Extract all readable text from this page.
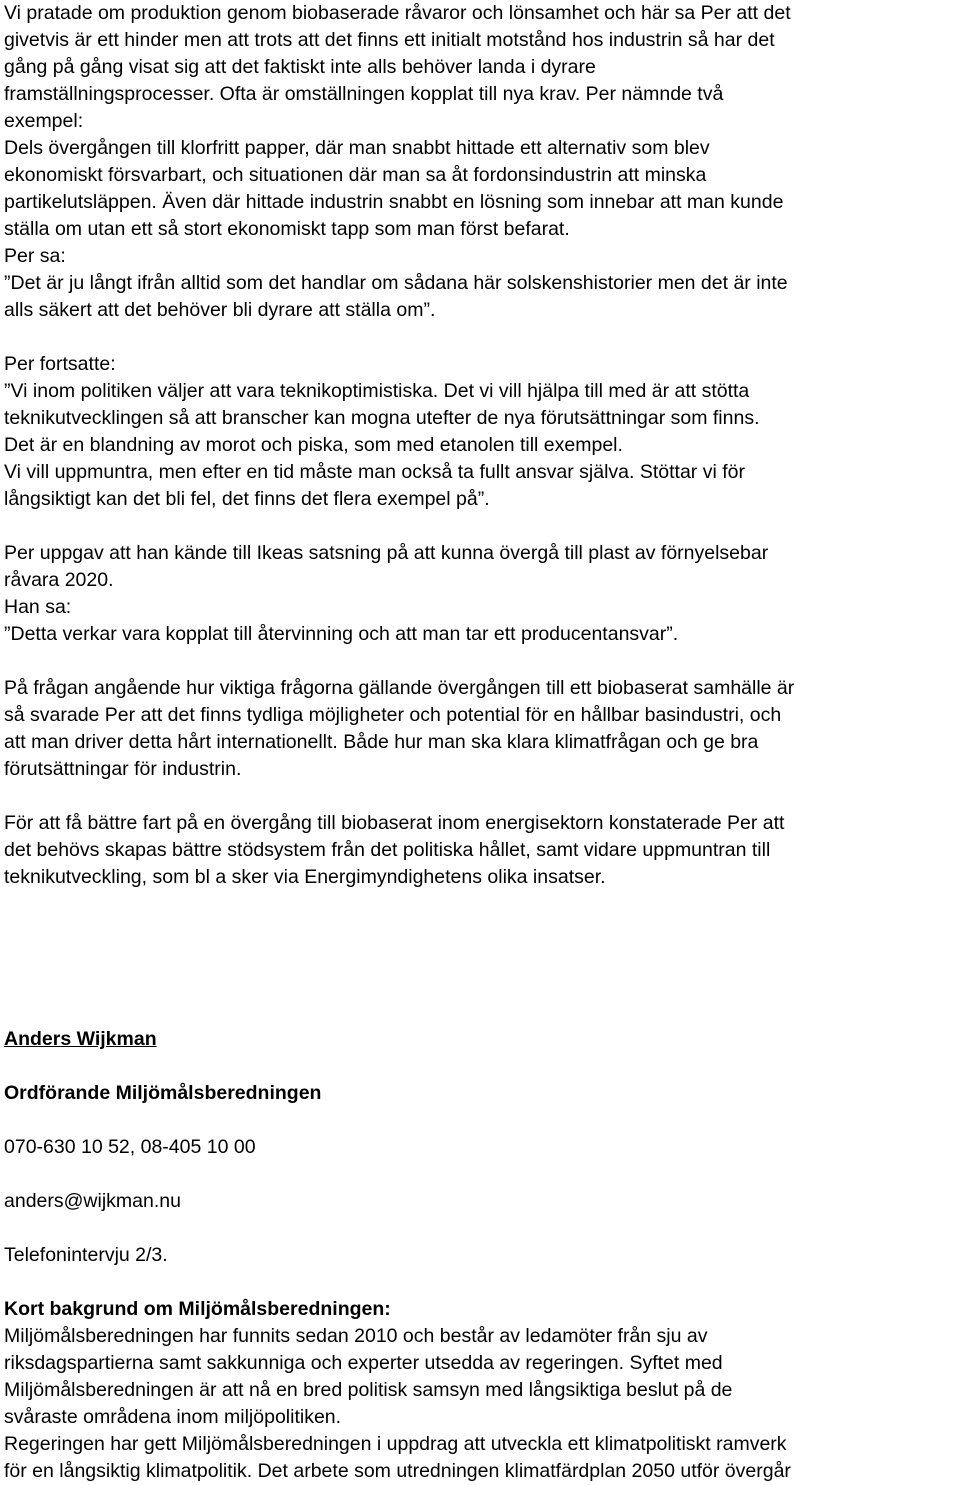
Vi pratade om produktion genom biobaserade råvaror och lönsamhet och här sa Per att det
givetvis är ett hinder men att trots att det finns ett initialt motstånd hos industrin så har det
gång på gång visat sig att det faktiskt inte alls behöver landa i dyrare
framställningsprocesser. Ofta är omställningen kopplat till nya krav. Per nämnde två
exempel:
Dels övergången till klorfritt papper, där man snabbt hittade ett alternativ som blev
ekonomiskt försvarbart, och situationen där man sa åt fordonsindustrin att minska
partikelutsläppen. Även där hittade industrin snabbt en lösning som innebar att man kunde
ställa om utan ett så stort ekonomiskt tapp som man först befarat.
Per sa:
”Det är ju långt ifrån alltid som det handlar om sådana här solskenshistorier men det är inte
alls säkert att det behöver bli dyrare att ställa om”.
Per fortsatte:
”Vi inom politiken väljer att vara teknikoptimistiska. Det vi vill hjälpa till med är att stötta
teknikutvecklingen så att branscher kan mogna utefter de nya förutsättningar som finns.
Det är en blandning av morot och piska, som med etanolen till exempel.
Vi vill uppmuntra, men efter en tid måste man också ta fullt ansvar själva. Stöttar vi för
långsiktigt kan det bli fel, det finns det flera exempel på”.
Per uppgav att han kände till Ikeas satsning på att kunna övergå till plast av förnyelsebar
råvara 2020.
Han sa:
”Detta verkar vara kopplat till återvinning och att man tar ett producentansvar”.
På frågan angående hur viktiga frågorna gällande övergången till ett biobaserat samhälle är
så svarade Per att det finns tydliga möjligheter och potential för en hållbar basindustri, och
att man driver detta hårt internationellt. Både hur man ska klara klimatfrågan och ge bra
förutsättningar för industrin.
För att få bättre fart på en övergång till biobaserat inom energisektorn konstaterade Per att
det behövs skapas bättre stödsystem från det politiska hållet, samt vidare uppmuntran till
teknikutveckling, som bl a sker via Energimyndighetens olika insatser.
Anders Wijkman
Ordförande Miljömålsberedningen
070-630 10 52, 08-405 10 00
anders@wijkman.nu
Telefonintervju 2/3.
Kort bakgrund om Miljömålsberedningen:
Miljömålsberedningen har funnits sedan 2010 och består av ledamöter från sju av
riksdagspartierna samt sakkunniga och experter utsedda av regeringen. Syftet med
Miljömålsberedningen är att nå en bred politisk samsyn med långsiktiga beslut på de
svåraste områdena inom miljöpolitiken.
Regeringen har gett Miljömålsberedningen i uppdrag att utveckla ett klimatpolitiskt ramverk
för en långsiktig klimatpolitik. Det arbete som utredningen klimatfärdplan 2050 utför övergår
